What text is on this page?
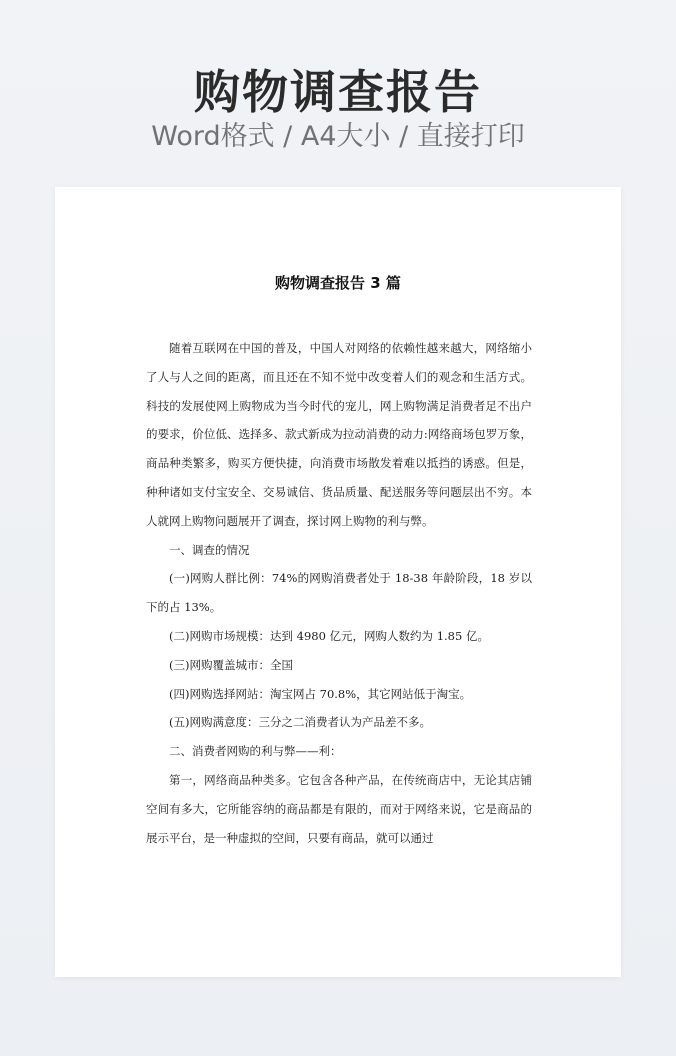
购物调查报告
Word格式 / A4大小 / 直接打印
购物调查报告 3 篇

随着互联网在中国的普及，中国人对网络的依赖性越来越大，网络缩小了人与人之间的距离，而且还在不知不觉中改变着人们的观念和生活方式。科技的发展使网上购物成为当今时代的宠儿，网上购物满足消费者足不出户的要求，价位低、选择多、款式新成为拉动消费的动力:网络商场包罗万象，商品种类繁多，购买方便快捷，向消费市场散发着难以抵挡的诱惑。但是，种种诸如支付宝安全、交易诚信、货品质量、配送服务等问题层出不穷。本人就网上购物问题展开了调查，探讨网上购物的利与弊。

一、调查的情况

(一)网购人群比例：74%的网购消费者处于 18-38 年龄阶段，18 岁以下的占 13%。

(二)网购市场规模：达到 4980 亿元，网购人数约为 1.85 亿。

(三)网购覆盖城市：全国

(四)网购选择网站：淘宝网占 70.8%，其它网站低于淘宝。

(五)网购满意度：三分之二消费者认为产品差不多。

二、消费者网购的利与弊——利：

第一，网络商品种类多。它包含各种产品，在传统商店中，无论其店铺空间有多大，它所能容纳的商品都是有限的，而对于网络来说，它是商品的展示平台，是一种虚拟的空间，只要有商品，就可以通过
